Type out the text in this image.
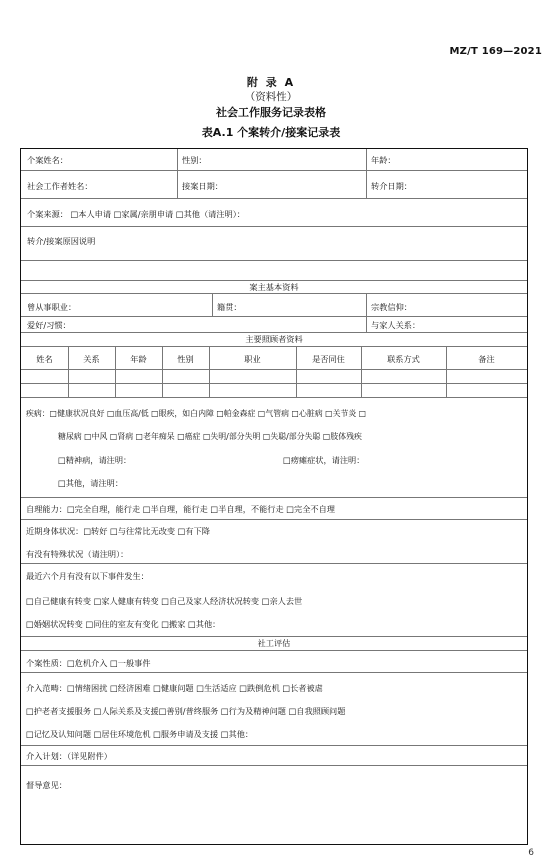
MZ/T 169—2021
附 录 A
（资料性）
社会工作服务记录表格
表A.1 个案转介/接案记录表
个案姓名：	性别：	年龄：
社会工作者姓名：	接案日期：	转介日期：
个案来源： □本人申请 □家属/亲朋申请 □其他（请注明）：
转介/接案原因说明
案主基本资料
曾从事职业：	籍贯：	宗教信仰：
爱好/习惯：	与家人关系：
主要照顾者资料
姓名	关系	年龄	性别	职业	是否同住	联系方式	备注
疾病：□健康状况良好 □血压高/低 □眼疾，如白内障 □帕金森症 □气管病 □心脏病 □关节炎 □
糖尿病 □中风 □肾病 □老年痴呆 □癌症 □失明/部分失明 □失聪/部分失聪 □肢体残疾
□精神病，请注明：	□痨瘫症状，请注明：
□其他，请注明：
自理能力：□完全自理，能行走 □半自理，能行走 □半自理，不能行走 □完全不自理
近期身体状况：□转好 □与往常比无改变 □有下降
有没有特殊状况（请注明）：
最近六个月有没有以下事件发生：
□自己健康有转变 □家人健康有转变 □自己及家人经济状况转变 □亲人去世
□婚姻状况转变 □同住的室友有变化 □搬家 □其他：
社工评估
个案性质：□危机介入 □一般事件
介入范畴：□情绪困扰 □经济困难 □健康问题 □生活适应 □跌倒危机 □长者被虐
□护老者支援服务 □人际关系及支援□善别/普终服务 □行为及精神问题 □自我照顾问题
□记忆及认知问题 □居住环境危机 □服务申请及支援 □其他：
介入计划：（详见附件）
督导意见：
6
